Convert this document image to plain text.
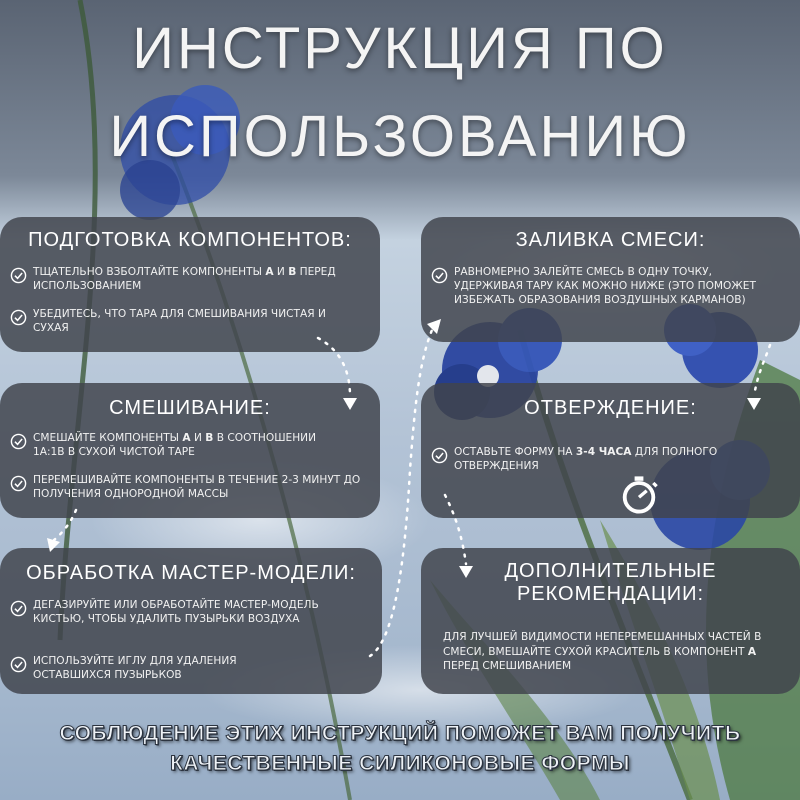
ИНСТРУКЦИЯ ПО
ИСПОЛЬЗОВАНИЮ
ПОДГОТОВКА КОМПОНЕНТОВ:
ТЩАТЕЛЬНО ВЗБОЛТАЙТЕ КОМПОНЕНТЫ А И В ПЕРЕД ИСПОЛЬЗОВАНИЕМ
УБЕДИТЕСЬ, ЧТО ТАРА ДЛЯ СМЕШИВАНИЯ ЧИСТАЯ И СУХАЯ
СМЕШИВАНИЕ:
СМЕШАЙТЕ КОМПОНЕНТЫ А И В В СООТНОШЕНИИ 1А:1В В СУХОЙ ЧИСТОЙ ТАРЕ
ПЕРЕМЕШИВАЙТЕ КОМПОНЕНТЫ В ТЕЧЕНИЕ 2-3 МИНУТ ДО ПОЛУЧЕНИЯ ОДНОРОДНОЙ МАССЫ
ОБРАБОТКА МАСТЕР-МОДЕЛИ:
ДЕГАЗИРУЙТЕ ИЛИ ОБРАБОТАЙТЕ МАСТЕР-МОДЕЛЬ КИСТЬЮ, ЧТОБЫ УДАЛИТЬ ПУЗЫРЬКИ ВОЗДУХА
ИСПОЛЬЗУЙТЕ ИГЛУ ДЛЯ УДАЛЕНИЯ ОСТАВШИХСЯ ПУЗЫРЬКОВ
ЗАЛИВКА СМЕСИ:
РАВНОМЕРНО ЗАЛЕЙТЕ СМЕСЬ В ОДНУ ТОЧКУ, УДЕРЖИВАЯ ТАРУ КАК МОЖНО НИЖЕ (ЭТО ПОМОЖЕТ ИЗБЕЖАТЬ ОБРАЗОВАНИЯ ВОЗДУШНЫХ КАРМАНОВ)
ОТВЕРЖДЕНИЕ:
ОСТАВЬТЕ ФОРМУ НА 3-4 ЧАСА ДЛЯ ПОЛНОГО ОТВЕРЖДЕНИЯ
ДОПОЛНИТЕЛЬНЫЕ
РЕКОМЕНДАЦИИ:
ДЛЯ ЛУЧШЕЙ ВИДИМОСТИ НЕПЕРЕМЕШАННЫХ ЧАСТЕЙ В СМЕСИ, ВМЕШАЙТЕ СУХОЙ КРАСИТЕЛЬ В КОМПОНЕНТ А ПЕРЕД СМЕШИВАНИЕМ
СОБЛЮДЕНИЕ ЭТИХ ИНСТРУКЦИЙ ПОМОЖЕТ ВАМ ПОЛУЧИТЬ
КАЧЕСТВЕННЫЕ СИЛИКОНОВЫЕ ФОРМЫ
